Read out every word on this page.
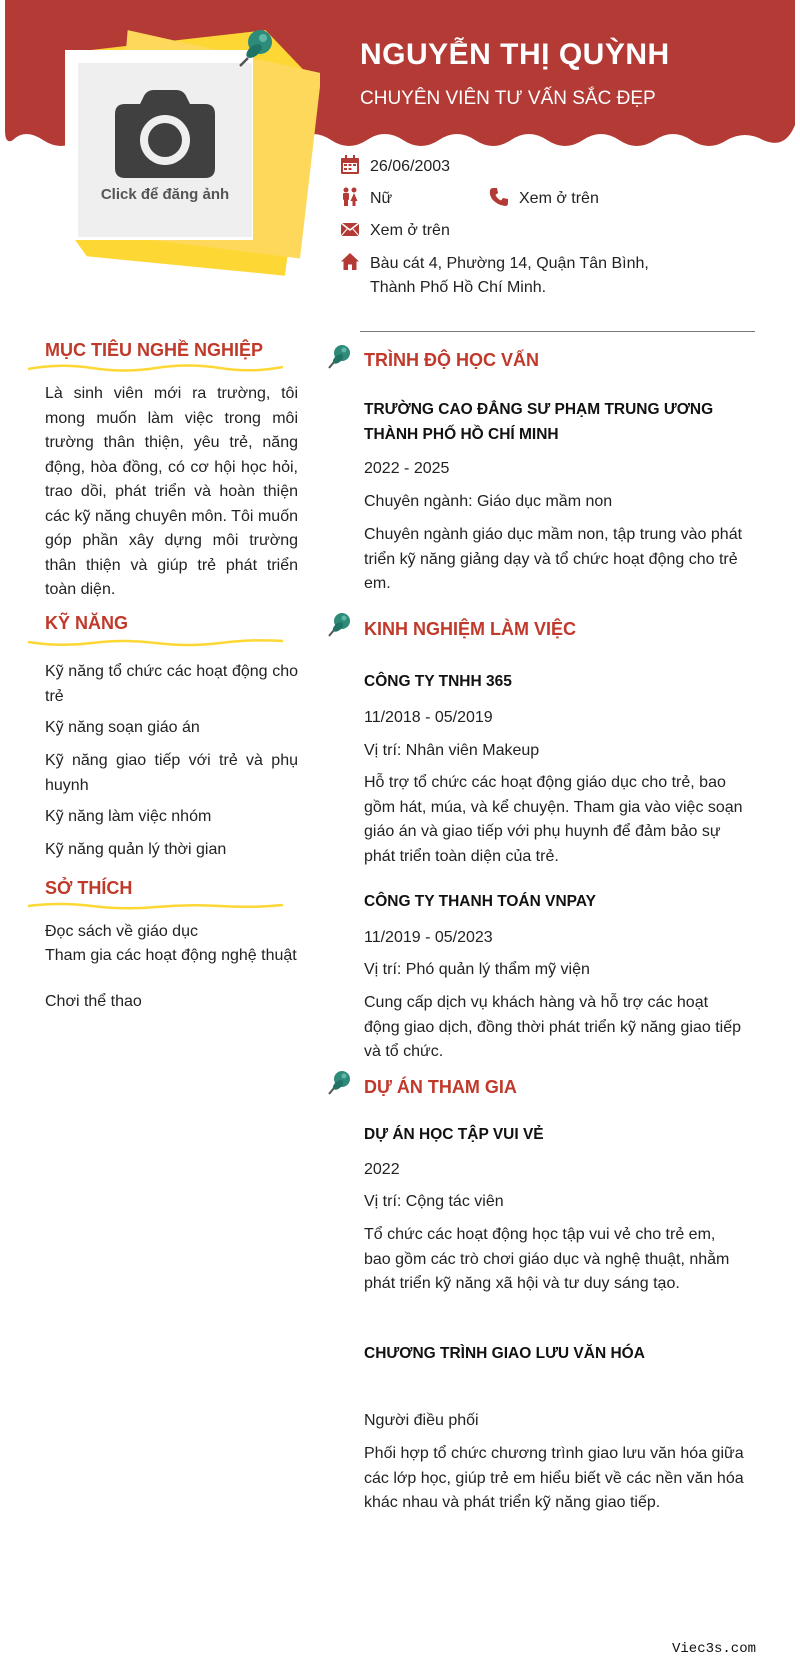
NGUYỄN THỊ QUỲNH
CHUYÊN VIÊN TƯ VẤN SẮC ĐẸP
Click để đăng ảnh
26/06/2003
Nữ	Xem ở trên
Xem ở trên
Bàu cát 4, Phường 14, Quận Tân Bình,
Thành Phố Hồ Chí Minh.
MỤC TIÊU NGHỀ NGHIỆP
Là sinh viên mới ra trường, tôi mong muốn làm việc trong môi trường thân thiện, yêu trẻ, năng động, hòa đồng, có cơ hội học hỏi, trao dồi, phát triển và hoàn thiện các kỹ năng chuyên môn. Tôi muốn góp phần xây dựng môi trường thân thiện và giúp trẻ phát triển toàn diện.
KỸ NĂNG
Kỹ năng tổ chức các hoạt động cho trẻ
Kỹ năng soạn giáo án
Kỹ năng giao tiếp với trẻ và phụ huynh
Kỹ năng làm việc nhóm
Kỹ năng quản lý thời gian
SỞ THÍCH
Đọc sách về giáo dục
Tham gia các hoạt động nghệ thuật
Chơi thể thao
TRÌNH ĐỘ HỌC VẤN
TRƯỜNG CAO ĐẲNG SƯ PHẠM TRUNG ƯƠNG THÀNH PHỐ HỒ CHÍ MINH
2022 - 2025
Chuyên ngành: Giáo dục mầm non
Chuyên ngành giáo dục mầm non, tập trung vào phát triển kỹ năng giảng dạy và tổ chức hoạt động cho trẻ em.
KINH NGHIỆM LÀM VIỆC
CÔNG TY TNHH 365
11/2018 - 05/2019
Vị trí: Nhân viên Makeup
Hỗ trợ tổ chức các hoạt động giáo dục cho trẻ, bao gồm hát, múa, và kể chuyện. Tham gia vào việc soạn giáo án và giao tiếp với phụ huynh để đảm bảo sự phát triển toàn diện của trẻ.
CÔNG TY THANH TOÁN VNPAY
11/2019 - 05/2023
Vị trí: Phó quản lý thẩm mỹ viện
Cung cấp dịch vụ khách hàng và hỗ trợ các hoạt động giao dịch, đồng thời phát triển kỹ năng giao tiếp và tổ chức.
DỰ ÁN THAM GIA
DỰ ÁN HỌC TẬP VUI VẺ
2022
Vị trí: Cộng tác viên
Tổ chức các hoạt động học tập vui vẻ cho trẻ em, bao gồm các trò chơi giáo dục và nghệ thuật, nhằm phát triển kỹ năng xã hội và tư duy sáng tạo.
CHƯƠNG TRÌNH GIAO LƯU VĂN HÓA
Người điều phối
Phối hợp tổ chức chương trình giao lưu văn hóa giữa các lớp học, giúp trẻ em hiểu biết về các nền văn hóa khác nhau và phát triển kỹ năng giao tiếp.
Viec3s.com
